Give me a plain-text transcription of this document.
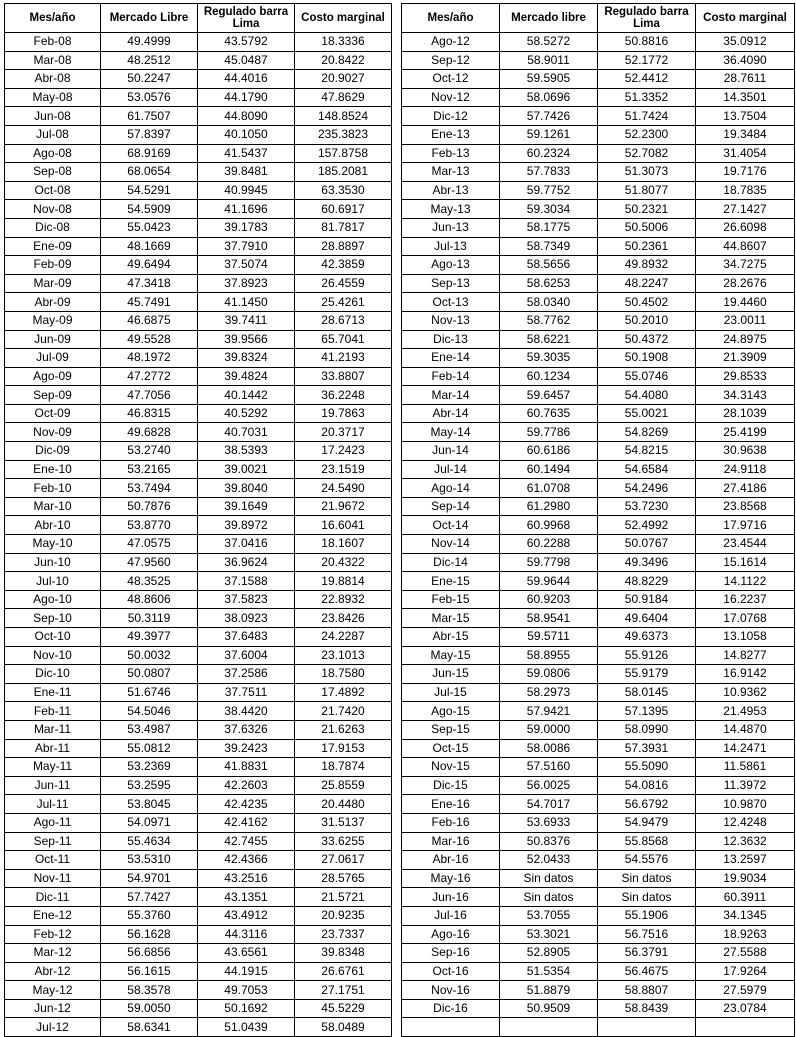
Mes/año	Mercado Libre	Regulado barra Lima	Costo marginal
Feb-08	49.4999	43.5792	18.3336
Mar-08	48.2512	45.0487	20.8422
Abr-08	50.2247	44.4016	20.9027
May-08	53.0576	44.1790	47.8629
Jun-08	61.7507	44.8090	148.8524
Jul-08	57.8397	40.1050	235.3823
Ago-08	68.9169	41.5437	157.8758
Sep-08	68.0654	39.8481	185.2081
Oct-08	54.5291	40.9945	63.3530
Nov-08	54.5909	41.1696	60.6917
Dic-08	55.0423	39.1783	81.7817
Ene-09	48.1669	37.7910	28.8897
Feb-09	49.6494	37.5074	42.3859
Mar-09	47.3418	37.8923	26.4559
Abr-09	45.7491	41.1450	25.4261
May-09	46.6875	39.7411	28.6713
Jun-09	49.5528	39.9566	65.7041
Jul-09	48.1972	39.8324	41.2193
Ago-09	47.2772	39.4824	33.8807
Sep-09	47.7056	40.1442	36.2248
Oct-09	46.8315	40.5292	19.7863
Nov-09	49.6828	40.7031	20.3717
Dic-09	53.2740	38.5393	17.2423
Ene-10	53.2165	39.0021	23.1519
Feb-10	53.7494	39.8040	24.5490
Mar-10	50.7876	39.1649	21.9672
Abr-10	53.8770	39.8972	16.6041
May-10	47.0575	37.0416	18.1607
Jun-10	47.9560	36.9624	20.4322
Jul-10	48.3525	37.1588	19.8814
Ago-10	48.8606	37.5823	22.8932
Sep-10	50.3119	38.0923	23.8426
Oct-10	49.3977	37.6483	24.2287
Nov-10	50.0032	37.6004	23.1013
Dic-10	50.0807	37.2586	18.7580
Ene-11	51.6746	37.7511	17.4892
Feb-11	54.5046	38.4420	21.7420
Mar-11	53.4987	37.6326	21.6263
Abr-11	55.0812	39.2423	17.9153
May-11	53.2369	41.8831	18.7874
Jun-11	53.2595	42.2603	25.8559
Jul-11	53.8045	42.4235	20.4480
Ago-11	54.0971	42.4162	31.5137
Sep-11	55.4634	42.7455	33.6255
Oct-11	53.5310	42.4366	27.0617
Nov-11	54.9701	43.2516	28.5765
Dic-11	57.7427	43.1351	21.5721
Ene-12	55.3760	43.4912	20.9235
Feb-12	56.1628	44.3116	23.7337
Mar-12	56.6856	43.6561	39.8348
Abr-12	56.1615	44.1915	26.6761
May-12	58.3578	49.7053	27.1751
Jun-12	59.0050	50.1692	45.5229
Jul-12	58.6341	51.0439	58.0489
Mes/año	Mercado libre	Regulado barra Lima	Costo marginal
Ago-12	58.5272	50.8816	35.0912
Sep-12	58.9011	52.1772	36.4090
Oct-12	59.5905	52.4412	28.7611
Nov-12	58.0696	51.3352	14.3501
Dic-12	57.7426	51.7424	13.7504
Ene-13	59.1261	52.2300	19.3484
Feb-13	60.2324	52.7082	31.4054
Mar-13	57.7833	51.3073	19.7176
Abr-13	59.7752	51.8077	18.7835
May-13	59.3034	50.2321	27.1427
Jun-13	58.1775	50.5006	26.6098
Jul-13	58.7349	50.2361	44.8607
Ago-13	58.5656	49.8932	34.7275
Sep-13	58.6253	48.2247	28.2676
Oct-13	58.0340	50.4502	19.4460
Nov-13	58.7762	50.2010	23.0011
Dic-13	58.6221	50.4372	24.8975
Ene-14	59.3035	50.1908	21.3909
Feb-14	60.1234	55.0746	29.8533
Mar-14	59.6457	54.4080	34.3143
Abr-14	60.7635	55.0021	28.1039
May-14	59.7786	54.8269	25.4199
Jun-14	60.6186	54.8215	30.9638
Jul-14	60.1494	54.6584	24.9118
Ago-14	61.0708	54.2496	27.4186
Sep-14	61.2980	53.7230	23.8568
Oct-14	60.9968	52.4992	17.9716
Nov-14	60.2288	50.0767	23.4544
Dic-14	59.7798	49.3496	15.1614
Ene-15	59.9644	48.8229	14.1122
Feb-15	60.9203	50.9184	16.2237
Mar-15	58.9541	49.6404	17.0768
Abr-15	59.5711	49.6373	13.1058
May-15	58.8955	55.9126	14.8277
Jun-15	59.0806	55.9179	16.9142
Jul-15	58.2973	58.0145	10.9362
Ago-15	57.9421	57.1395	21.4953
Sep-15	59.0000	58.0990	14.4870
Oct-15	58.0086	57.3931	14.2471
Nov-15	57.5160	55.5090	11.5861
Dic-15	56.0025	54.0816	11.3972
Ene-16	54.7017	56.6792	10.9870
Feb-16	53.6933	54.9479	12.4248
Mar-16	50.8376	55.8568	12.3632
Abr-16	52.0433	54.5576	13.2597
May-16	Sin datos	Sin datos	19.9034
Jun-16	Sin datos	Sin datos	60.3911
Jul-16	53.7055	55.1906	34.1345
Ago-16	53.3021	56.7516	18.9263
Sep-16	52.8905	56.3791	27.5588
Oct-16	51.5354	56.4675	17.9264
Nov-16	51.8879	58.8807	27.5979
Dic-16	50.9509	58.8439	23.0784
